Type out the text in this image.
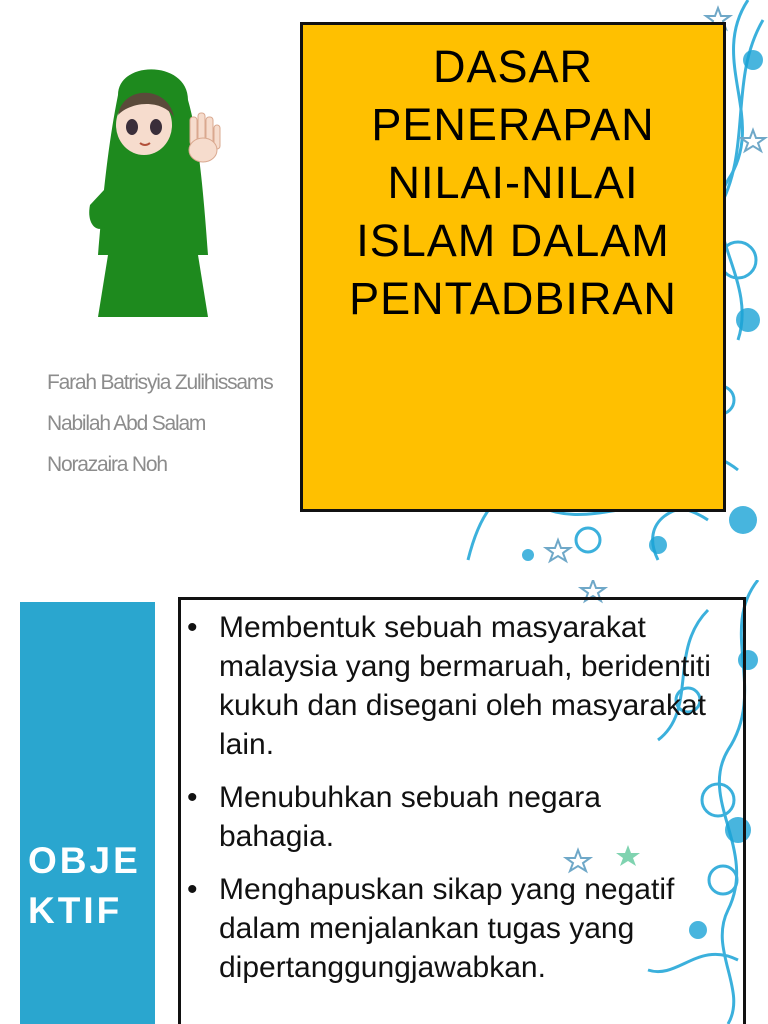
Farah Batrisyia Zulihissams
Nabilah Abd Salam
Norazaira Noh
DASAR
PENERAPAN
NILAI-NILAI
ISLAM DALAM
PENTADBIRAN
OBJE
KTIF
• Membentuk sebuah masyarakat malaysia yang bermaruah, beridentiti kukuh dan disegani oleh masyarakat lain.
• Menubuhkan sebuah negara bahagia.
• Menghapuskan sikap yang negatif dalam menjalankan tugas yang dipertanggungjawabkan.
